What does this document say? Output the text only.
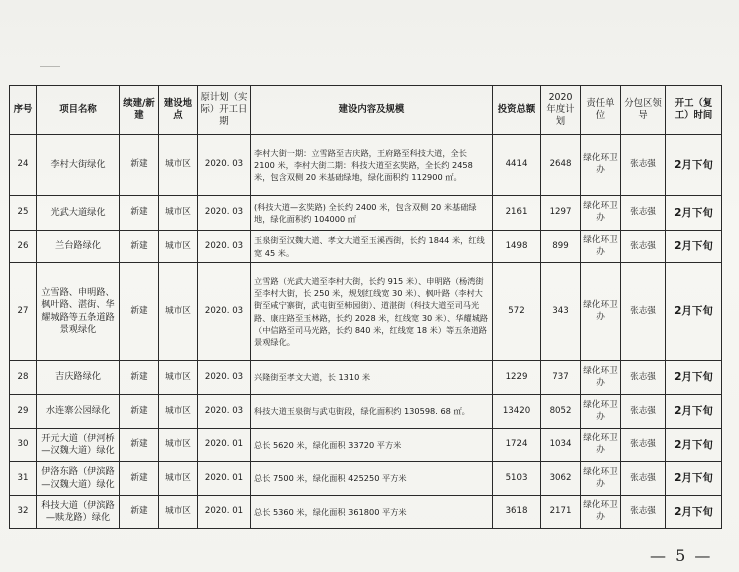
序号	项目名称	续建/新建	建设地点	原计划（实际）开工日期	建设内容及规模	投资总额	2020 年度计划	责任单位	分包区领导	开工（复工）时间
24	李村大街绿化	新建	城市区	2020. 03	李村大街一期：立雪路至吉庆路，王府路至科技大道，全长 2100 米，李村大街二期：科技大道至玄奘路，全长约 2458 米，包含双侧 20 米基础绿地，绿化面积约 112900 ㎡。	4414	2648	绿化环卫办	张志强	2月下旬
25	光武大道绿化	新建	城市区	2020. 03	(科技大道—玄奘路) 全长约 2400 米，包含双侧 20 米基础绿地，绿化面积约 104000 ㎡	2161	1297	绿化环卫办	张志强	2月下旬
26	兰台路绿化	新建	城市区	2020. 03	玉泉街至汉魏大道、孝文大道至玉溪西街，长约 1844 米，红线宽 45 米。	1498	899	绿化环卫办	张志强	2月下旬
27	立雪路、申明路、枫叶路、湛街、华耀城路等五条道路景观绿化	新建	城市区	2020. 03	立雪路（光武大道至李村大街，长约 915 米）、申明路（杨湾街至李村大街，长 250 米，规划红线宽 30 米）、枫叶路（李村大街至咸宁寨街，武屯街至柿园街）、道湛街（科技大道至司马光路、康庄路至玉林路，长约 2028 米，红线宽 30 米）、华耀城路（中信路至司马光路，长约 840 米，红线宽 18 米）等五条道路景观绿化。	572	343	绿化环卫办	张志强	2月下旬
28	吉庆路绿化	新建	城市区	2020. 03	兴隆街至孝文大道，长 1310 米	1229	737	绿化环卫办	张志强	2月下旬
29	水连寨公园绿化	新建	城市区	2020. 03	科技大道玉泉街与武屯街段，绿化面积约 130598. 68 ㎡。	13420	8052	绿化环卫办	张志强	2月下旬
30	开元大道（伊河桥—汉魏大道）绿化	新建	城市区	2020. 01	总长 5620 米，绿化面积 33720 平方米	1724	1034	绿化环卫办	张志强	2月下旬
31	伊洛东路（伊滨路—汉魏大道）绿化	新建	城市区	2020. 01	总长 7500 米，绿化面积 425250 平方米	5103	3062	绿化环卫办	张志强	2月下旬
32	科技大道（伊滨路—赎龙路）绿化	新建	城市区	2020. 01	总长 5360 米，绿化面积 361800 平方米	3618	2171	绿化环卫办	张志强	2月下旬
— 5 —
